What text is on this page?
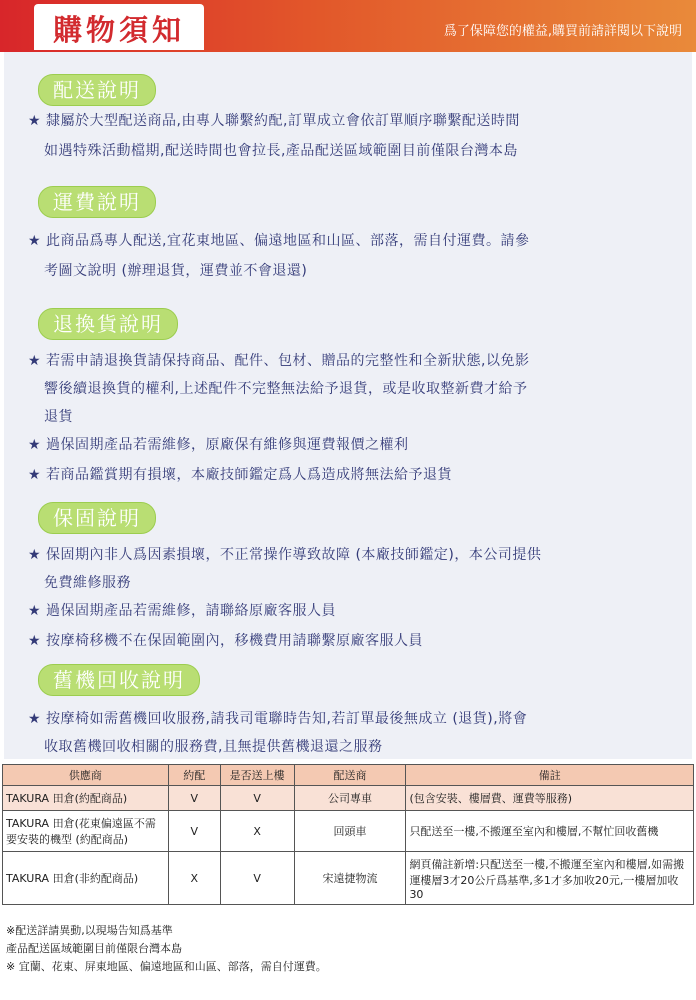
購物須知	爲了保障您的權益,購買前請詳閱以下說明
配送說明
★ 隸屬於大型配送商品,由專人聯繫約配,訂單成立會依訂單順序聯繫配送時間
如遇特殊活動檔期,配送時間也會拉長,產品配送區域範圍目前僅限台灣本島
運費說明
★ 此商品爲專人配送,宜花東地區、偏遠地區和山區、部落，需自付運費。請參
考圖文說明 (辦理退貨，運費並不會退還)
退換貨說明
★ 若需申請退換貨請保持商品、配件、包材、贈品的完整性和全新狀態,以免影
響後續退換貨的權利,上述配件不完整無法給予退貨，或是收取整新費才給予
退貨
★ 過保固期產品若需維修，原廠保有維修與運費報價之權利
★ 若商品鑑賞期有損壞，本廠技師鑑定爲人爲造成將無法給予退貨
保固說明
★ 保固期內非人爲因素損壞，不正常操作導致故障 (本廠技師鑑定)，本公司提供
免費維修服務
★ 過保固期產品若需維修，請聯絡原廠客服人員
★ 按摩椅移機不在保固範圍內，移機費用請聯繫原廠客服人員
舊機回收說明
★ 按摩椅如需舊機回收服務,請我司電聯時告知,若訂單最後無成立 (退貨),將會
收取舊機回收相關的服務費,且無提供舊機退還之服務
供應商	約配	是否送上樓	配送商	備註
TAKURA 田倉(約配商品)	V	V	公司專車	(包含安裝、樓層費、運費等服務)
TAKURA 田倉(花東偏遠區不需要安裝的機型 (約配商品)	V	X	回頭車	只配送至一樓,不搬運至室內和樓層,不幫忙回收舊機
TAKURA 田倉(非約配商品)	X	V	宋遠捷物流	網頁備註新增:只配送至一樓,不搬運至室內和樓層,如需搬運樓層3才20公斤爲基準,多1才多加收20元,一樓層加收30
※配送詳請異動,以現場告知爲基準
產品配送區域範圍目前僅限台灣本島
※ 宜蘭、花東、屏東地區、偏遠地區和山區、部落，需自付運費。
